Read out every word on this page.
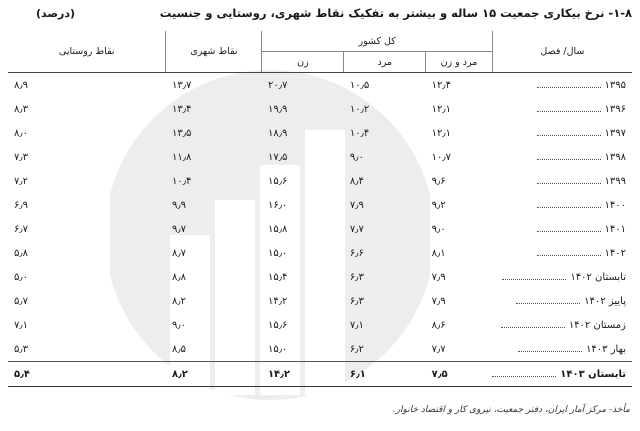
۱-۸- نرخ بیکاری جمعیت ۱۵ ساله و بیشتر به تفکیک نقاط شهری، روستایی و جنسیت
(درصد)
سال/ فصل	کل کشور			نقاط شهری	نقاط روستایی
	مرد و زن	مرد	زن		
۱۳۹۵	۱۲٫۴	۱۰٫۵	۲۰٫۷	۱۳٫۷	۸٫۹
۱۳۹۶	۱۲٫۱	۱۰٫۲	۱۹٫۹	۱۳٫۴	۸٫۳
۱۳۹۷	۱۲٫۱	۱۰٫۴	۱۸٫۹	۱۳٫۵	۸٫۰
۱۳۹۸	۱۰٫۷	۹٫۰	۱۷٫۵	۱۱٫۸	۷٫۳
۱۳۹۹	۹٫۶	۸٫۴	۱۵٫۶	۱۰٫۴	۷٫۲
۱۴۰۰	۹٫۲	۷٫۹	۱۶٫۰	۹٫۹	۶٫۹
۱۴۰۱	۹٫۰	۷٫۷	۱۵٫۸	۹٫۷	۶٫۷
۱۴۰۲	۸٫۱	۶٫۶	۱۵٫۰	۸٫۷	۵٫۸
تابستان ۱۴۰۲	۷٫۹	۶٫۳	۱۵٫۴	۸٫۸	۵٫۰
پاییز ۱۴۰۲	۷٫۹	۶٫۳	۱۴٫۲	۸٫۲	۵٫۷
زمستان ۱۴۰۲	۸٫۶	۷٫۱	۱۵٫۶	۹٫۰	۷٫۱
بهار ۱۴۰۳	۷٫۷	۶٫۲	۱۵٫۰	۸٫۵	۵٫۳
تابستان ۱۴۰۳	۷٫۵	۶٫۱	۱۴٫۲	۸٫۲	۵٫۴
مأخذ- مرکز آمار ایران، دفتر جمعیت، نیروی کار و اقتصاد خانوار.
